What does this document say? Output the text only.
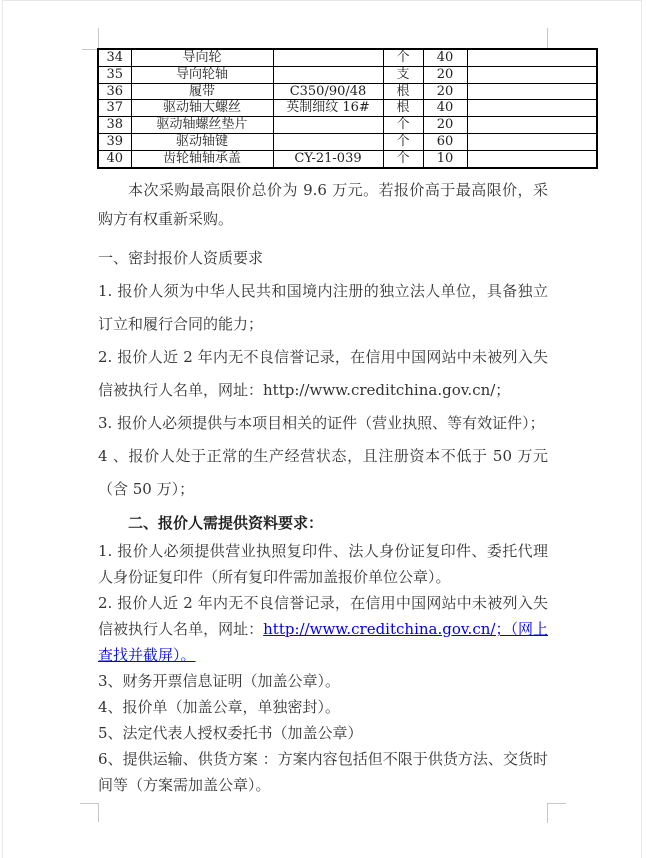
34	导向轮		个	40	
35	导向轮轴		支	20	
36	履带	C350/90/48	根	20	
37	驱动轴大螺丝	英制细纹 16#	根	40	
38	驱动轴螺丝垫片		个	20	
39	驱动轴键		个	60	
40	齿轮轴轴承盖	CY-21-039	个	10	

本次采购最高限价总价为 9.6 万元。若报价高于最高限价，采购方有权重新采购。

一、密封报价人资质要求

1. 报价人须为中华人民共和国境内注册的独立法人单位，具备独立订立和履行合同的能力；

2. 报价人近 2 年内无不良信誉记录，在信用中国网站中未被列入失信被执行人名单，网址：http://www.creditchina.gov.cn/；

3. 报价人必须提供与本项目相关的证件（营业执照、等有效证件）；

4 、报价人处于正常的生产经营状态，且注册资本不低于 50 万元（含 50 万）；

二、报价人需提供资料要求：

1. 报价人必须提供营业执照复印件、法人身份证复印件、委托代理人身份证复印件（所有复印件需加盖报价单位公章）。

2. 报价人近 2 年内无不良信誉记录，在信用中国网站中未被列入失信被执行人名单，网址：http://www.creditchina.gov.cn/；（网上查找并截屏）。

3、财务开票信息证明（加盖公章）。

4、报价单（加盖公章，单独密封）。

5、法定代表人授权委托书（加盖公章）

6、提供运输、供货方案 ：方案内容包括但不限于供货方法、交货时间等（方案需加盖公章）。
